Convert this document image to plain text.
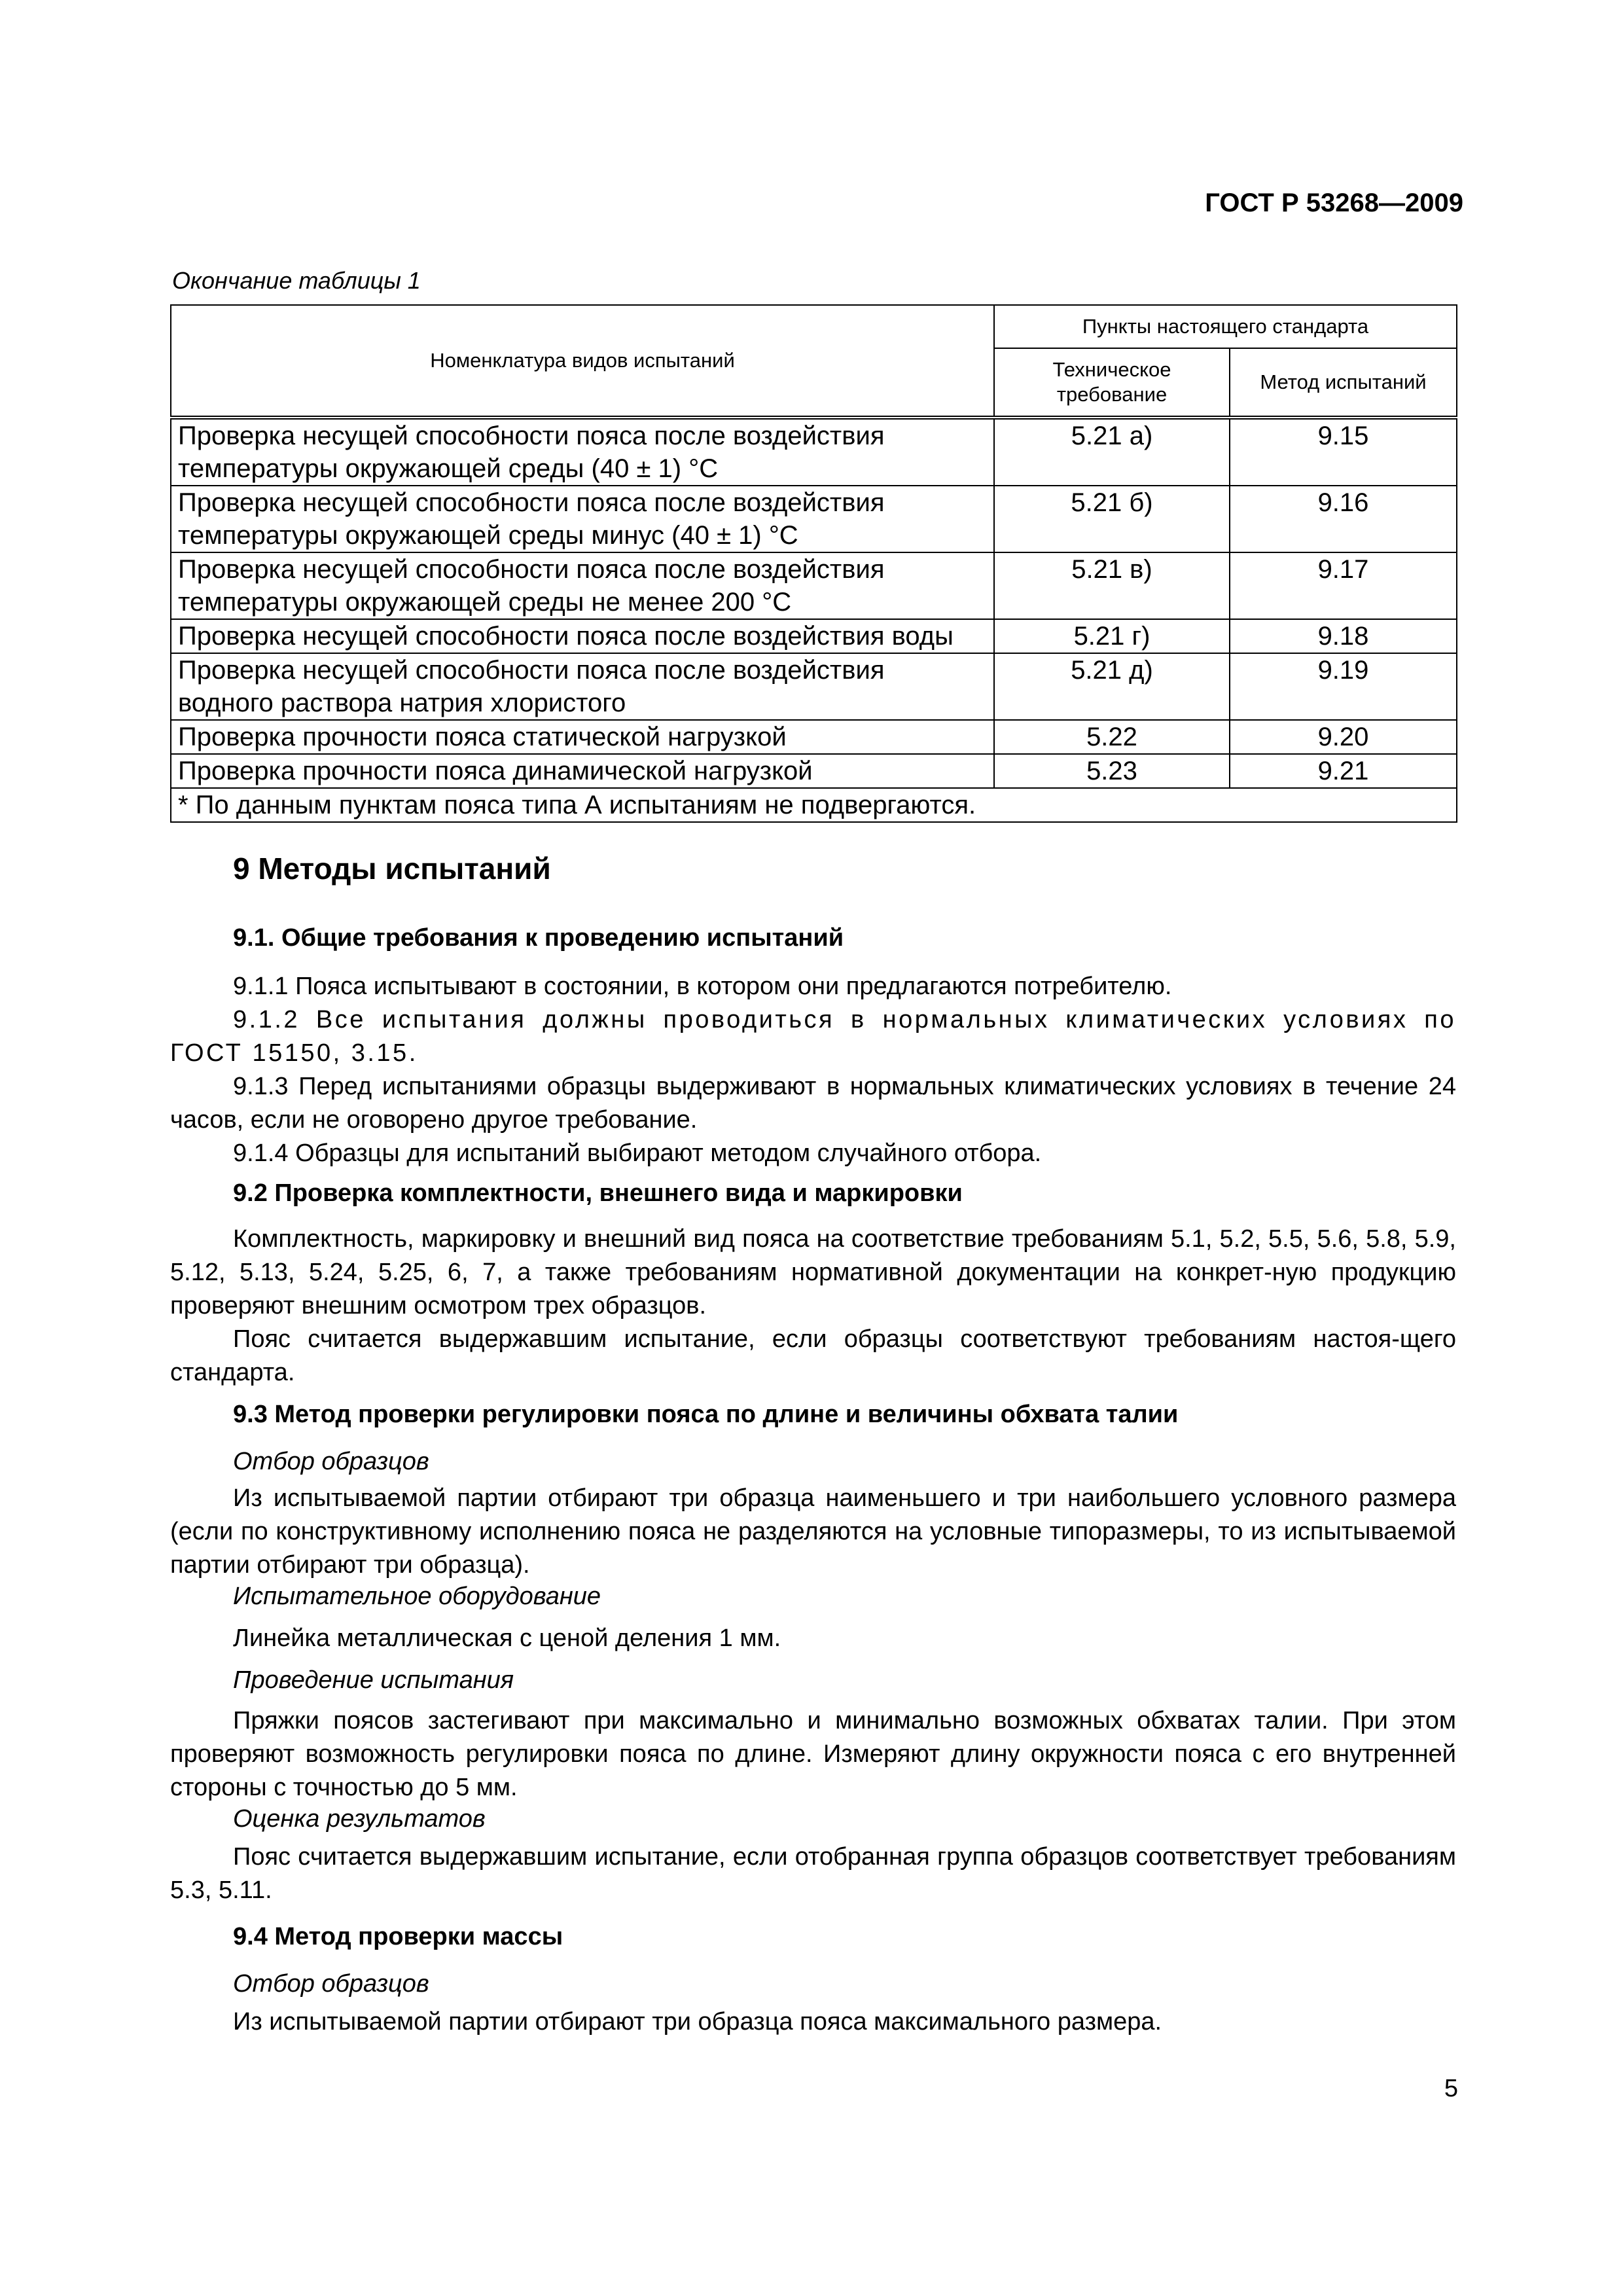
ГОСТ Р 53268—2009
Окончание таблицы 1
Номенклатура видов испытаний	Пункты настоящего стандарта	
	Техническое требование	Метод испытаний
Проверка несущей способности пояса после воздействия температуры окружающей среды (40 ± 1) °С	5.21 а)	9.15
Проверка несущей способности пояса после воздействия температуры окружающей среды минус (40 ± 1) °С	5.21 б)	9.16
Проверка несущей способности пояса после воздействия температуры окружающей среды не менее 200 °С	5.21 в)	9.17
Проверка несущей способности пояса после воздействия воды	5.21 г)	9.18
Проверка несущей способности пояса после воздействия водного раствора натрия хлористого	5.21 д)	9.19
Проверка прочности пояса статической нагрузкой	5.22	9.20
Проверка прочности пояса динамической нагрузкой	5.23	9.21
* По данным пунктам пояса типа А испытаниям не подвергаются.		
9 Методы испытаний
9.1. Общие требования к проведению испытаний

9.1.1 Пояса испытывают в состоянии, в котором они предлагаются потребителю.

9.1.2 Все испытания должны проводиться в нормальных климатических условиях по ГОСТ 15150, 3.15.

9.1.3 Перед испытаниями образцы выдерживают в нормальных климатических условиях в течение 24 часов, если не оговорено другое требование.

9.1.4 Образцы для испытаний выбирают методом случайного отбора.

9.2 Проверка комплектности, внешнего вида и маркировки

Комплектность, маркировку и внешний вид пояса на соответствие требованиям 5.1, 5.2, 5.5, 5.6, 5.8, 5.9, 5.12, 5.13, 5.24, 5.25, 6, 7, а также требованиям нормативной документации на конкрет-ную продукцию проверяют внешним осмотром трех образцов.

Пояс считается выдержавшим испытание, если образцы соответствуют требованиям настоя-щего стандарта.

9.3 Метод проверки регулировки пояса по длине и величины обхвата талии
Отбор образцов

Из испытываемой партии отбирают три образца наименьшего и три наибольшего условного размера (если по конструктивному исполнению пояса не разделяются на условные типоразмеры, то из испытываемой партии отбирают три образца).

Испытательное оборудование

Линейка металлическая с ценой деления 1 мм.

Проведение испытания

Пряжки поясов застегивают при максимально и минимально возможных обхватах талии. При этом проверяют возможность регулировки пояса по длине. Измеряют длину окружности пояса с его внутренней стороны с точностью до 5 мм.

Оценка результатов

Пояс считается выдержавшим испытание, если отобранная группа образцов соответствует требованиям 5.3, 5.11.

9.4 Метод проверки массы
Отбор образцов

Из испытываемой партии отбирают три образца пояса максимального размера.

5
